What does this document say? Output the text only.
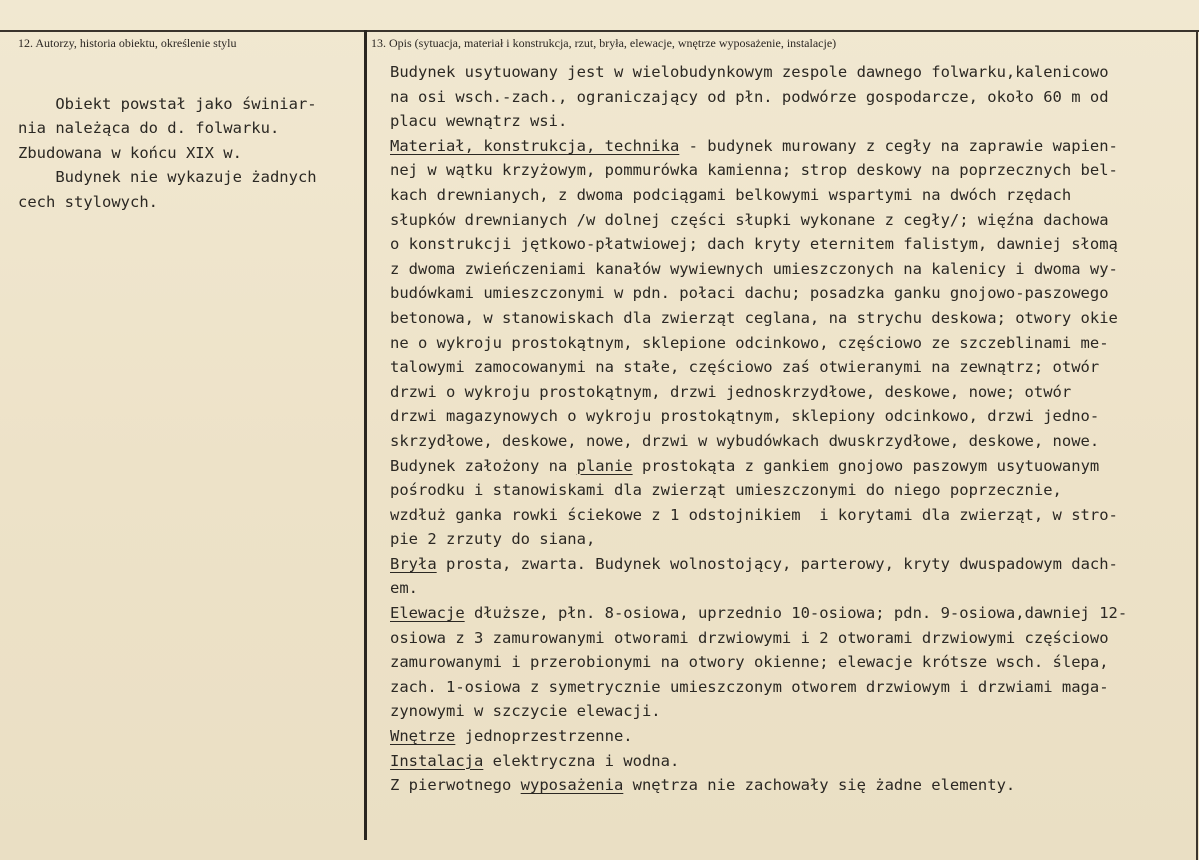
12. Autorzy, historia obiektu, określenie stylu	13. Opis (sytuacja, materiał i konstrukcja, rzut, bryła, elewacje, wnętrze wyposażenie, instalacje)
Obiekt powstał jako świniar-
nia należąca do d. folwarku.
Zbudowana w końcu XIX w.
Budynek nie wykazuje żadnych
cech stylowych.
Budynek usytuowany jest w wielobudynkowym zespole dawnego folwarku,kalenicowo
na osi wsch.-zach., ograniczający od płn. podwórze gospodarcze, około 60 m od
placu wewnątrz wsi.
Materiał, konstrukcja, technika - budynek murowany z cegły na zaprawie wapien-
nej w wątku krzyżowym, pommurówka kamienna; strop deskowy na poprzecznych bel-
kach drewnianych, z dwoma podciągami belkowymi wspartymi na dwóch rzędach
słupków drewnianych /w dolnej części słupki wykonane z cegły/; więźna dachowa
o konstrukcji jętkowo-płatwiowej; dach kryty eternitem falistym, dawniej słomą
z dwoma zwieńczeniami kanałów wywiewnych umieszczonych na kalenicy i dwoma wy-
budówkami umieszczonymi w pdn. połaci dachu; posadzka ganku gnojowo-paszowego
betonowa, w stanowiskach dla zwierząt ceglana, na strychu deskowa; otwory okie
ne o wykroju prostokątnym, sklepione odcinkowo, częściowo ze szczeblinami me-
talowymi zamocowanymi na stałe, częściowo zaś otwieranymi na zewnątrz; otwór
drzwi o wykroju prostokątnym, drzwi jednoskrzydłowe, deskowe, nowe; otwór
drzwi magazynowych o wykroju prostokątnym, sklepiony odcinkowo, drzwi jedno-
skrzydłowe, deskowe, nowe, drzwi w wybudówkach dwuskrzydłowe, deskowe, nowe.
Budynek założony na planie prostokąta z gankiem gnojowo paszowym usytuowanym
pośrodku i stanowiskami dla zwierząt umieszczonymi do niego poprzecznie,
wzdłuż ganka rowki ściekowe z 1 odstojnikiem  i korytami dla zwierząt, w stro-
pie 2 zrzuty do siana,
Bryła prosta, zwarta. Budynek wolnostojący, parterowy, kryty dwuspadowym dach-
em.
Elewacje dłuższe, płn. 8-osiowa, uprzednio 10-osiowa; pdn. 9-osiowa,dawniej 12-
osiowa z 3 zamurowanymi otworami drzwiowymi i 2 otworami drzwiowymi częściowo
zamurowanymi i przerobionymi na otwory okienne; elewacje krótsze wsch. ślepa,
zach. 1-osiowa z symetrycznie umieszczonym otworem drzwiowym i drzwiami maga-
zynowymi w szczycie elewacji.
Wnętrze jednoprzestrzenne.
Instalacja elektryczna i wodna.
Z pierwotnego wyposażenia wnętrza nie zachowały się żadne elementy.
